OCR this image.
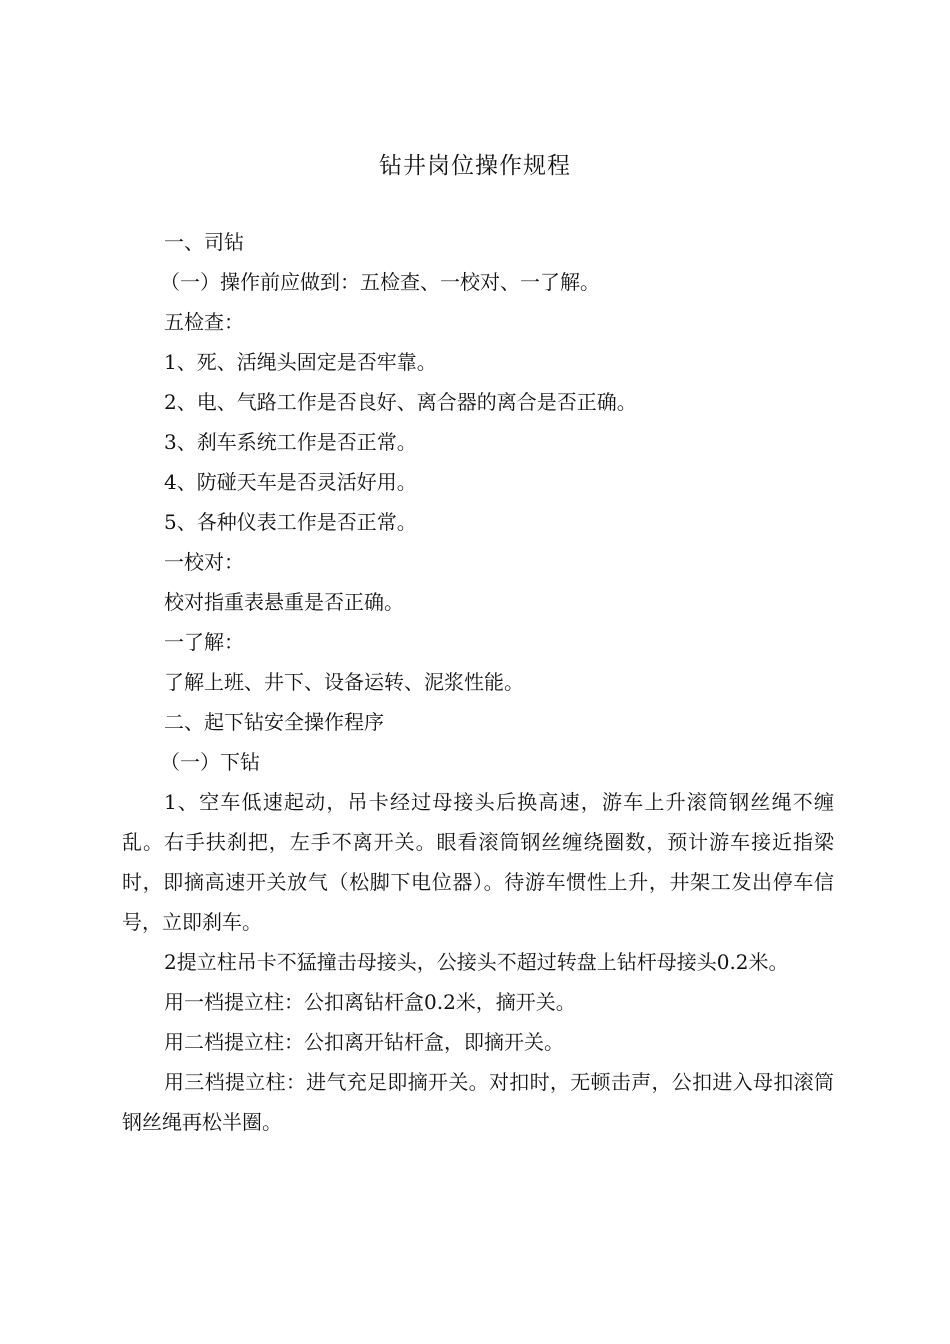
钻井岗位操作规程

一、司钻

（一）操作前应做到：五检查、一校对、一了解。

五检查：

1、死、活绳头固定是否牢靠。

2、电、气路工作是否良好、离合器的离合是否正确。

3、刹车系统工作是否正常。

4、防碰天车是否灵活好用。

5、各种仪表工作是否正常。

一校对：

校对指重表悬重是否正确。

一了解：

了解上班、井下、设备运转、泥浆性能。

二、起下钻安全操作程序

（一）下钻

1、空车低速起动，吊卡经过母接头后换高速，游车上升滚筒钢丝绳不缠乱。右手扶刹把，左手不离开关。眼看滚筒钢丝缠绕圈数，预计游车接近指梁时，即摘高速开关放气（松脚下电位器）。待游车惯性上升，井架工发出停车信号，立即刹车。

2提立柱吊卡不猛撞击母接头，公接头不超过转盘上钻杆母接头0.2米。

用一档提立柱：公扣离钻杆盒0.2米，摘开关。

用二档提立柱：公扣离开钻杆盒，即摘开关。

用三档提立柱：进气充足即摘开关。对扣时，无顿击声，公扣进入母扣滚筒钢丝绳再松半圈。
